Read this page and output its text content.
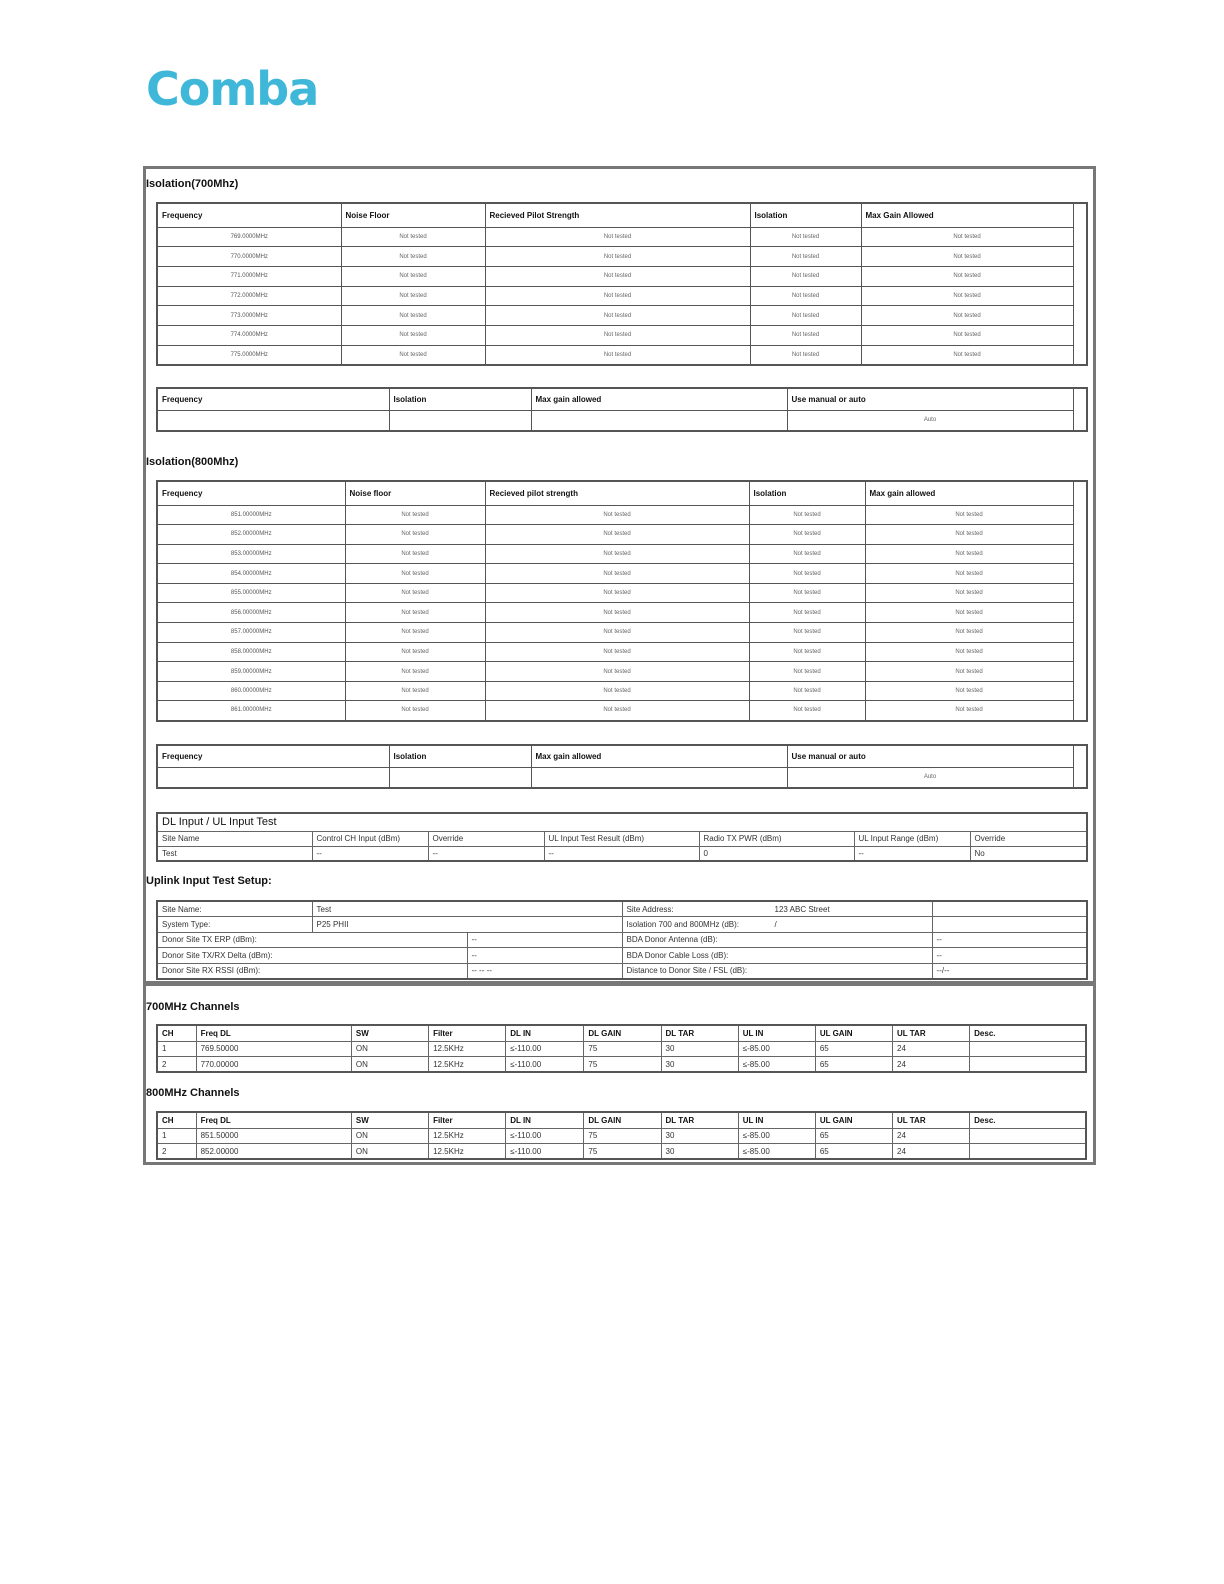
Comba
Isolation(700Mhz)
Frequency	Noise Floor	Recieved Pilot Strength	Isolation	Max Gain Allowed	
769.0000MHz	Not tested	Not tested	Not tested	Not tested	
770.0000MHz	Not tested	Not tested	Not tested	Not tested	
771.0000MHz	Not tested	Not tested	Not tested	Not tested	
772.0000MHz	Not tested	Not tested	Not tested	Not tested	
773.0000MHz	Not tested	Not tested	Not tested	Not tested	
774.0000MHz	Not tested	Not tested	Not tested	Not tested	
775.0000MHz	Not tested	Not tested	Not tested	Not tested	
Frequency	Isolation	Max gain allowed	Use manual or auto	
			Auto	
Isolation(800Mhz)
Frequency	Noise floor	Recieved pilot strength	Isolation	Max gain allowed	
851.00000MHz	Not tested	Not tested	Not tested	Not tested	
852.00000MHz	Not tested	Not tested	Not tested	Not tested	
853.00000MHz	Not tested	Not tested	Not tested	Not tested	
854.00000MHz	Not tested	Not tested	Not tested	Not tested	
855.00000MHz	Not tested	Not tested	Not tested	Not tested	
856.00000MHz	Not tested	Not tested	Not tested	Not tested	
857.00000MHz	Not tested	Not tested	Not tested	Not tested	
858.00000MHz	Not tested	Not tested	Not tested	Not tested	
859.00000MHz	Not tested	Not tested	Not tested	Not tested	
860.00000MHz	Not tested	Not tested	Not tested	Not tested	
861.00000MHz	Not tested	Not tested	Not tested	Not tested	
Frequency	Isolation	Max gain allowed	Use manual or auto	
			Auto	
DL Input / UL Input Test						
Site Name	Control CH Input (dBm)	Override	UL Input Test Result (dBm)	Radio TX PWR (dBm)	UL Input Range (dBm)	Override
Test	--	--	--	0	--	No
Uplink Input Test Setup:
Site Name:	Test		Site Address: 123 ABC Street	
System Type:	P25 PHII		Isolation 700 and 800MHz (dB): /	
Donor Site TX ERP (dBm):		--	BDA Donor Antenna (dB):	--
Donor Site TX/RX Delta (dBm):		--	BDA Donor Cable Loss (dB):	--
Donor Site RX RSSI (dBm):		-- -- --	Distance to Donor Site / FSL (dB):	--/--
700MHz Channels
CH	Freq DL	SW	Filter	DL IN	DL GAIN	DL TAR	UL IN	UL GAIN	UL TAR	Desc.
1	769.50000	ON	12.5KHz	≤-110.00	75	30	≤-85.00	65	24	
2	770.00000	ON	12.5KHz	≤-110.00	75	30	≤-85.00	65	24	
800MHz Channels
CH	Freq DL	SW	Filter	DL IN	DL GAIN	DL TAR	UL IN	UL GAIN	UL TAR	Desc.
1	851.50000	ON	12.5KHz	≤-110.00	75	30	≤-85.00	65	24	
2	852.00000	ON	12.5KHz	≤-110.00	75	30	≤-85.00	65	24	
